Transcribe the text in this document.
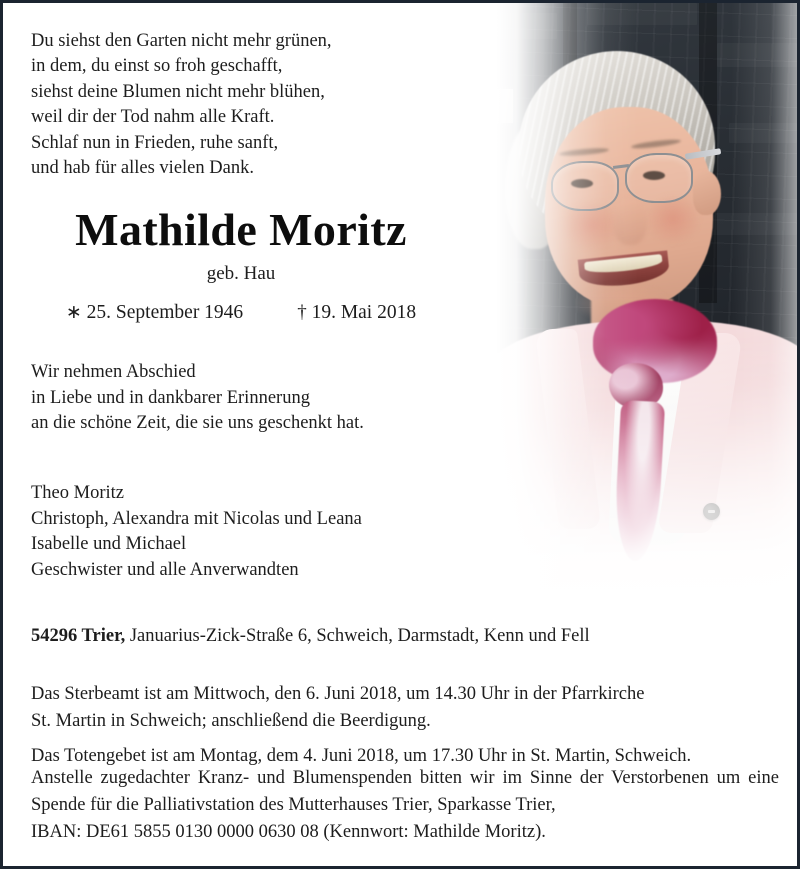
Du siehst den Garten nicht mehr grünen,
in dem, du einst so froh geschafft,
siehst deine Blumen nicht mehr blühen,
weil dir der Tod nahm alle Kraft.
Schlaf nun in Frieden, ruhe sanft,
und hab für alles vielen Dank.
Mathilde Moritz
geb. Hau
∗ 25. September 1946	† 19. Mai 2018
Wir nehmen Abschied
in Liebe und in dankbarer Erinnerung
an die schöne Zeit, die sie uns geschenkt hat.
Theo Moritz
Christoph, Alexandra mit Nicolas und Leana
Isabelle und Michael
Geschwister und alle Anverwandten
54296 Trier, Januarius-Zick-Straße 6, Schweich, Darmstadt, Kenn und Fell

Das Sterbeamt ist am Mittwoch, den 6. Juni 2018, um 14.30 Uhr in der Pfarrkirche

St. Martin in Schweich; anschließend die Beerdigung.

Das Totengebet ist am Montag, dem 4. Juni 2018, um 17.30 Uhr in St. Martin, Schweich.

Anstelle zugedachter Kranz- und Blumenspenden bitten wir im Sinne der Verstorbenen um eine Spende für die Palliativstation des Mutterhauses Trier, Sparkasse Trier,
IBAN: DE61 5855 0130 0000 0630 08 (Kennwort: Mathilde Moritz).
